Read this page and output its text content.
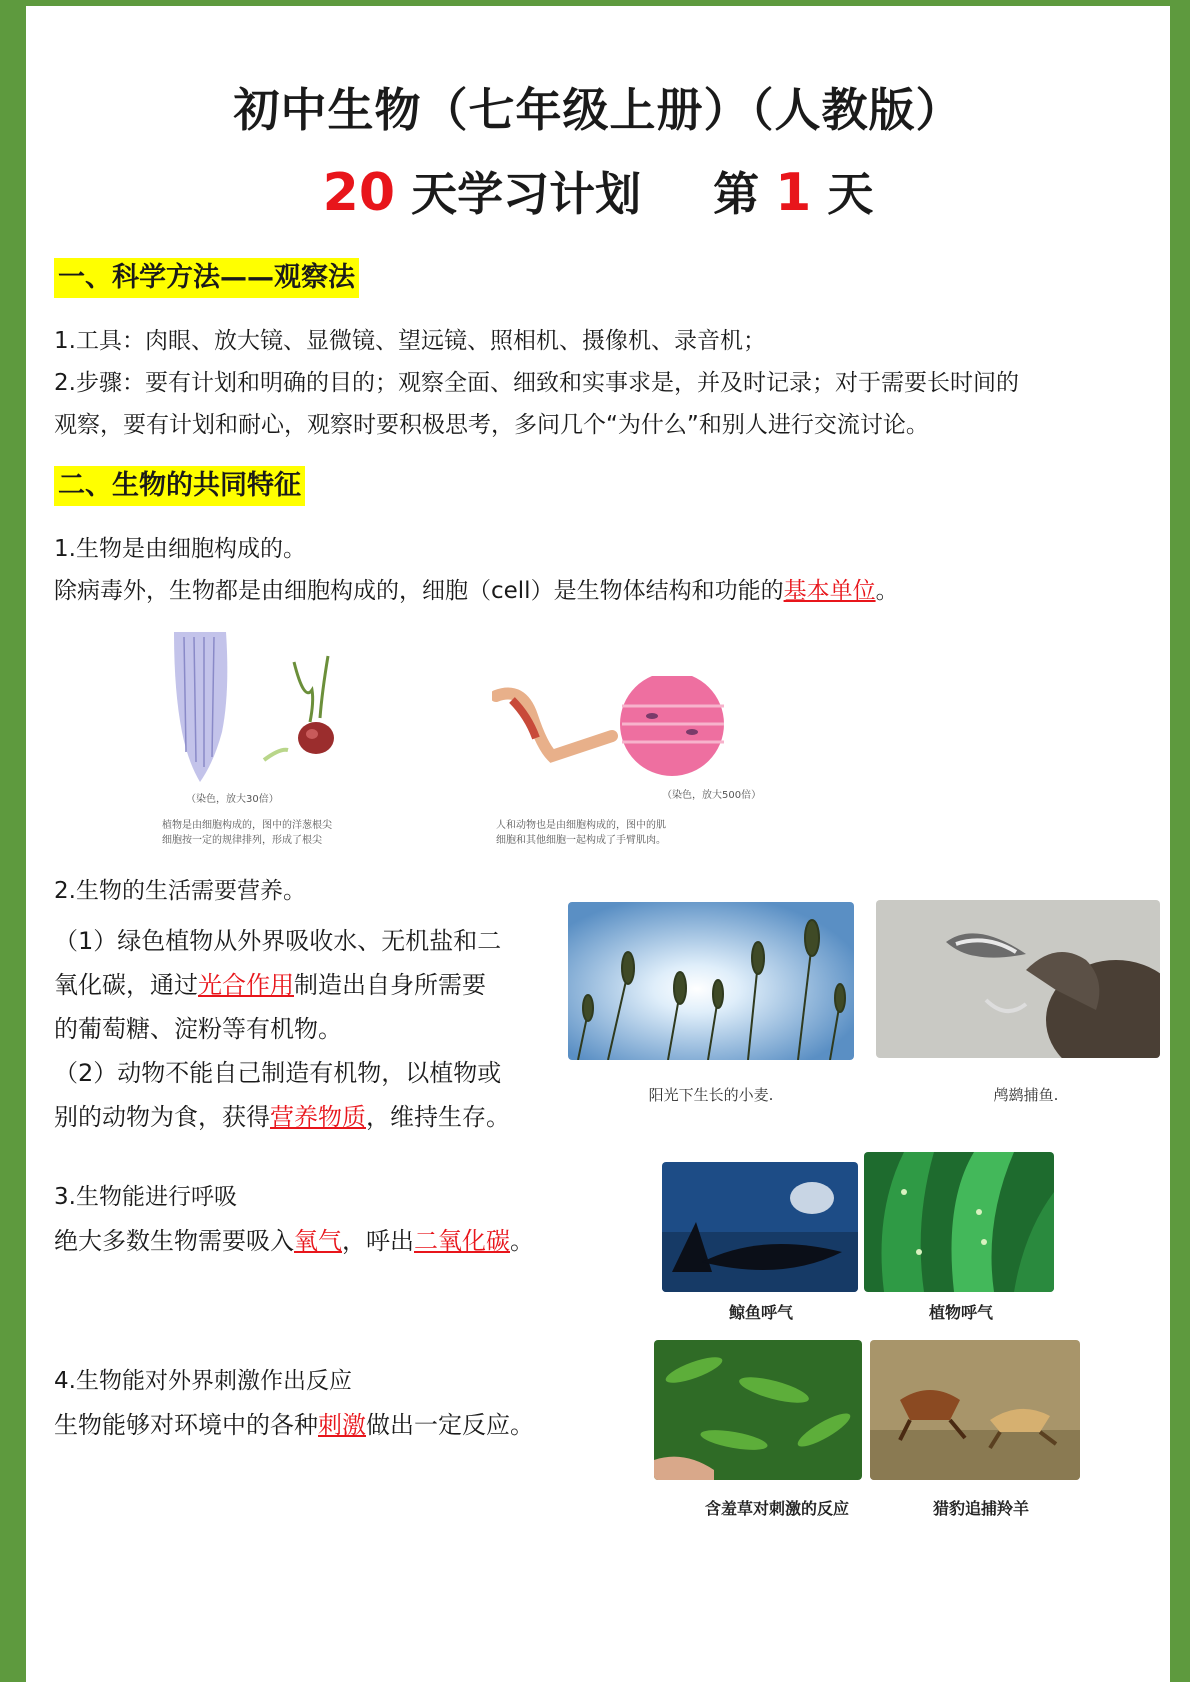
初中生物（七年级上册）（人教版）
20 天学习计划 第 1 天
一、科学方法——观察法
1.工具：肉眼、放大镜、显微镜、望远镜、照相机、摄像机、录音机；
2.步骤：要有计划和明确的目的；观察全面、细致和实事求是，并及时记录；对于需要长时间的
观察，要有计划和耐心，观察时要积极思考，多问几个“为什么”和别人进行交流讨论。
二、生物的共同特征
1.生物是由细胞构成的。
除病毒外，生物都是由细胞构成的，细胞（cell）是生物体结构和功能的基本单位。
（染色，放大30倍）
植物是由细胞构成的，图中的洋葱根尖
细胞按一定的规律排列，形成了根尖
（染色，放大500倍）
人和动物也是由细胞构成的，图中的肌
细胞和其他细胞一起构成了手臂肌肉。
2.生物的生活需要营养。
（1）绿色植物从外界吸收水、无机盐和二
氧化碳，通过光合作用制造出自身所需要
的葡萄糖、淀粉等有机物。
（2）动物不能自己制造有机物，以植物或
别的动物为食，获得营养物质，维持生存。
阳光下生长的小麦.	鸬鹚捕鱼.
3.生物能进行呼吸
绝大多数生物需要吸入氧气，呼出二氧化碳。
鲸鱼呼气	植物呼气
4.生物能对外界刺激作出反应
生物能够对环境中的各种刺激做出一定反应。
含羞草对刺激的反应	猎豹追捕羚羊
